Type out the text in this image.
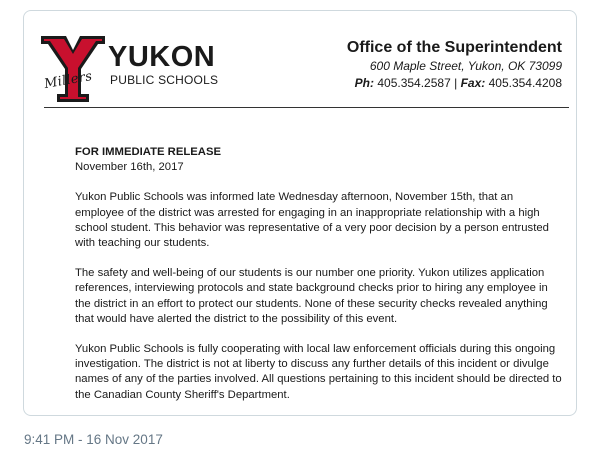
Millers
YUKON
PUBLIC SCHOOLS
Office of the Superintendent
600 Maple Street, Yukon, OK 73099
Ph: 405.354.2587 | Fax: 405.354.4208
FOR IMMEDIATE RELEASE
November 16th, 2017

Yukon Public Schools was informed late Wednesday afternoon, November 15th, that an employee of the district was arrested for engaging in an inappropriate relationship with a high school student. This behavior was representative of a very poor decision by a person entrusted with teaching our students.

The safety and well-being of our students is our number one priority. Yukon utilizes application references, interviewing protocols and state background checks prior to hiring any employee in the district in an effort to protect our students. None of these security checks revealed anything that would have alerted the district to the possibility of this event.

Yukon Public Schools is fully cooperating with local law enforcement officials during this ongoing investigation. The district is not at liberty to discuss any further details of this incident or divulge names of any of the parties involved. All questions pertaining to this incident should be directed to the Canadian County Sheriff's Department.

9:41 PM - 16 Nov 2017
